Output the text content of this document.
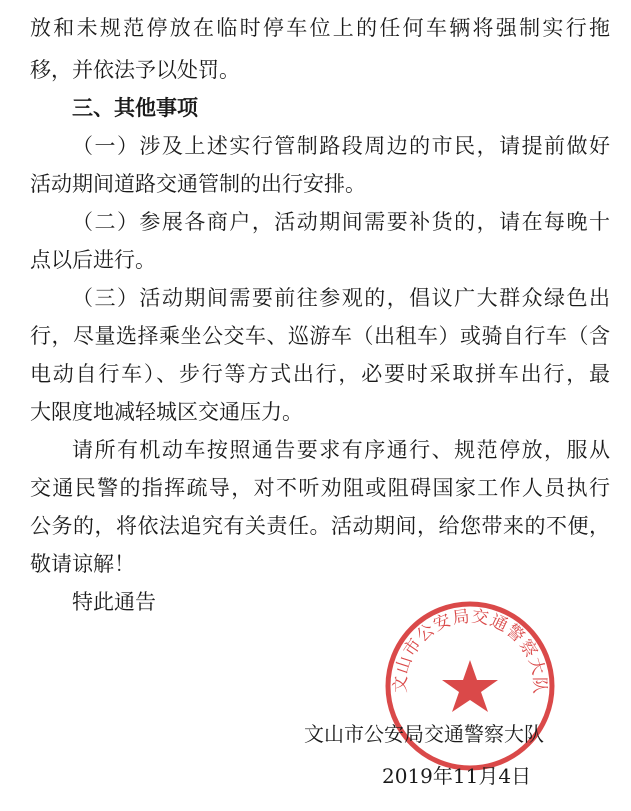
放和未规范停放在临时停车位上的任何车辆将强制实行拖
移，并依法予以处罚。
三、其他事项
（一）涉及上述实行管制路段周边的市民，请提前做好
活动期间道路交通管制的出行安排。
（二）参展各商户，活动期间需要补货的，请在每晚十
点以后进行。
（三）活动期间需要前往参观的，倡议广大群众绿色出
行，尽量选择乘坐公交车、巡游车（出租车）或骑自行车（含
电动自行车）、步行等方式出行，必要时采取拼车出行，最
大限度地减轻城区交通压力。
请所有机动车按照通告要求有序通行、规范停放，服从
交通民警的指挥疏导，对不听劝阻或阻碍国家工作人员执行
公务的，将依法追究有关责任。活动期间，给您带来的不便，
敬请谅解！
特此通告
文山市公安局交通警察大队
文山市公安局交通警察大队
2019年11月4日
